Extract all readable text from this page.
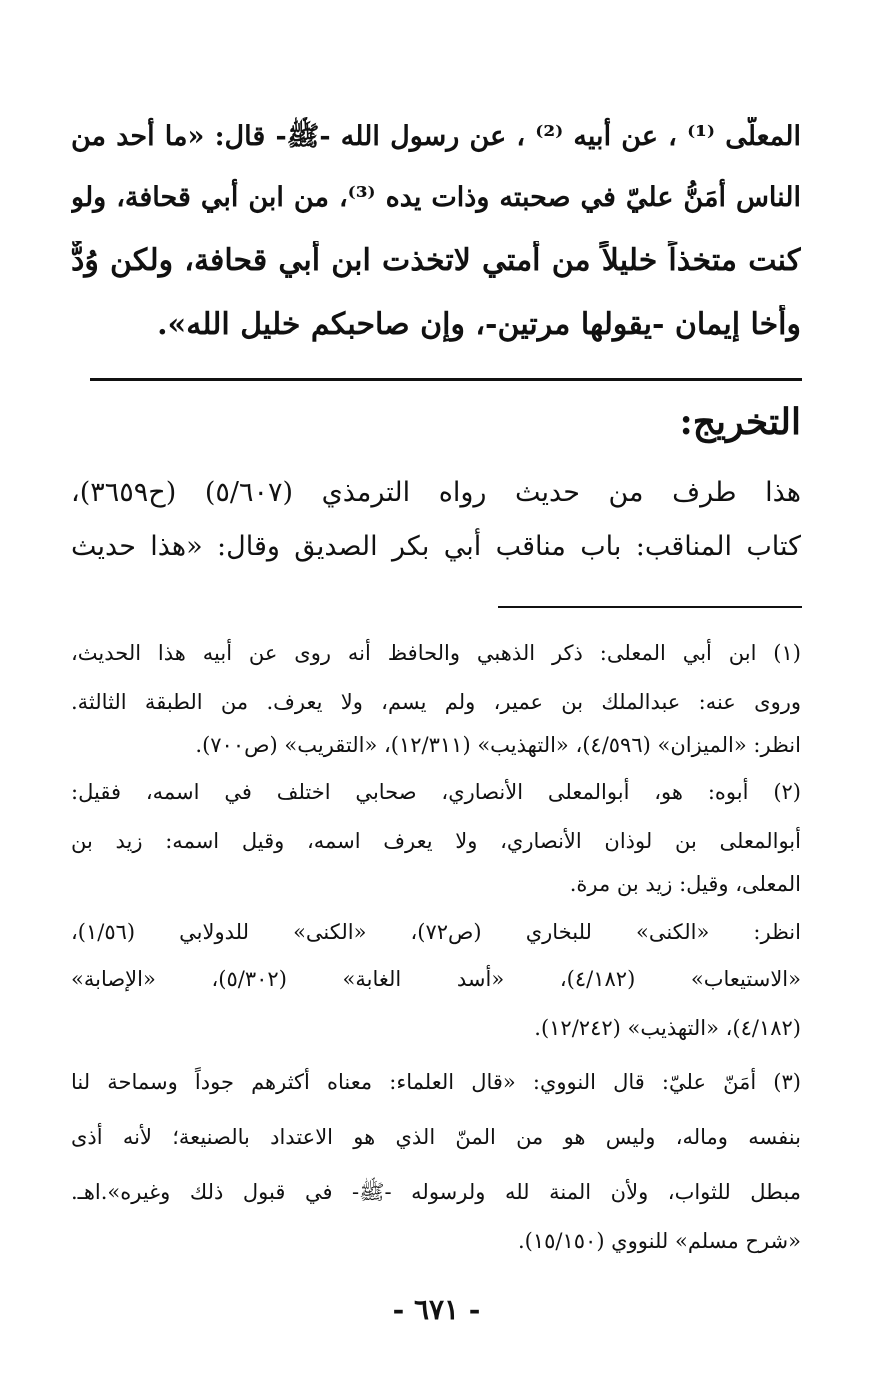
المعلّى ⁽¹⁾ ، عن أبيه ⁽²⁾ ، عن رسول الله -ﷺ- قال: «ما أحد من
الناس أمَنُّ عليّ في صحبته وذات يده ⁽³⁾، من ابن أبي قحافة، ولو
كنت متخذاً خليلاً من أمتي لاتخذت ابن أبي قحافة، ولكن وُدٌّ
وأخا إيمان -يقولها مرتين-، وإن صاحبكم خليل الله».
التخريج:
هذا طرف من حديث رواه الترمذي (٥/٦٠٧) (ح٣٦٥٩)،
كتاب المناقب: باب مناقب أبي بكر الصديق وقال: «هذا حديث
(١) ابن أبي المعلى: ذكر الذهبي والحافظ أنه روى عن أبيه هذا الحديث،
وروى عنه: عبدالملك بن عمير، ولم يسم، ولا يعرف. من الطبقة الثالثة.
انظر: «الميزان» (٤/٥٩٦)، «التهذيب» (١٢/٣١١)، «التقريب» (ص٧٠٠).
(٢) أبوه: هو، أبوالمعلى الأنصاري، صحابي اختلف في اسمه، فقيل:
أبوالمعلى بن لوذان الأنصاري، ولا يعرف اسمه، وقيل اسمه: زيد بن
المعلى، وقيل: زيد بن مرة.
انظر: «الكنى» للبخاري (ص٧٢)، «الكنى» للدولابي (١/٥٦)،
«الاستيعاب» (٤/١٨٢)، «أسد الغابة» (٥/٣٠٢)، «الإصابة»
(٤/١٨٢)، «التهذيب» (١٢/٢٤٢).
(٣) أمَنّ عليّ: قال النووي: «قال العلماء: معناه أكثرهم جوداً وسماحة لنا
بنفسه وماله، وليس هو من المنّ الذي هو الاعتداد بالصنيعة؛ لأنه أذى
مبطل للثواب، ولأن المنة لله ولرسوله -ﷺ- في قبول ذلك وغيره».اهـ.
«شرح مسلم» للنووي (١٥/١٥٠).
- ٦٧١ -
